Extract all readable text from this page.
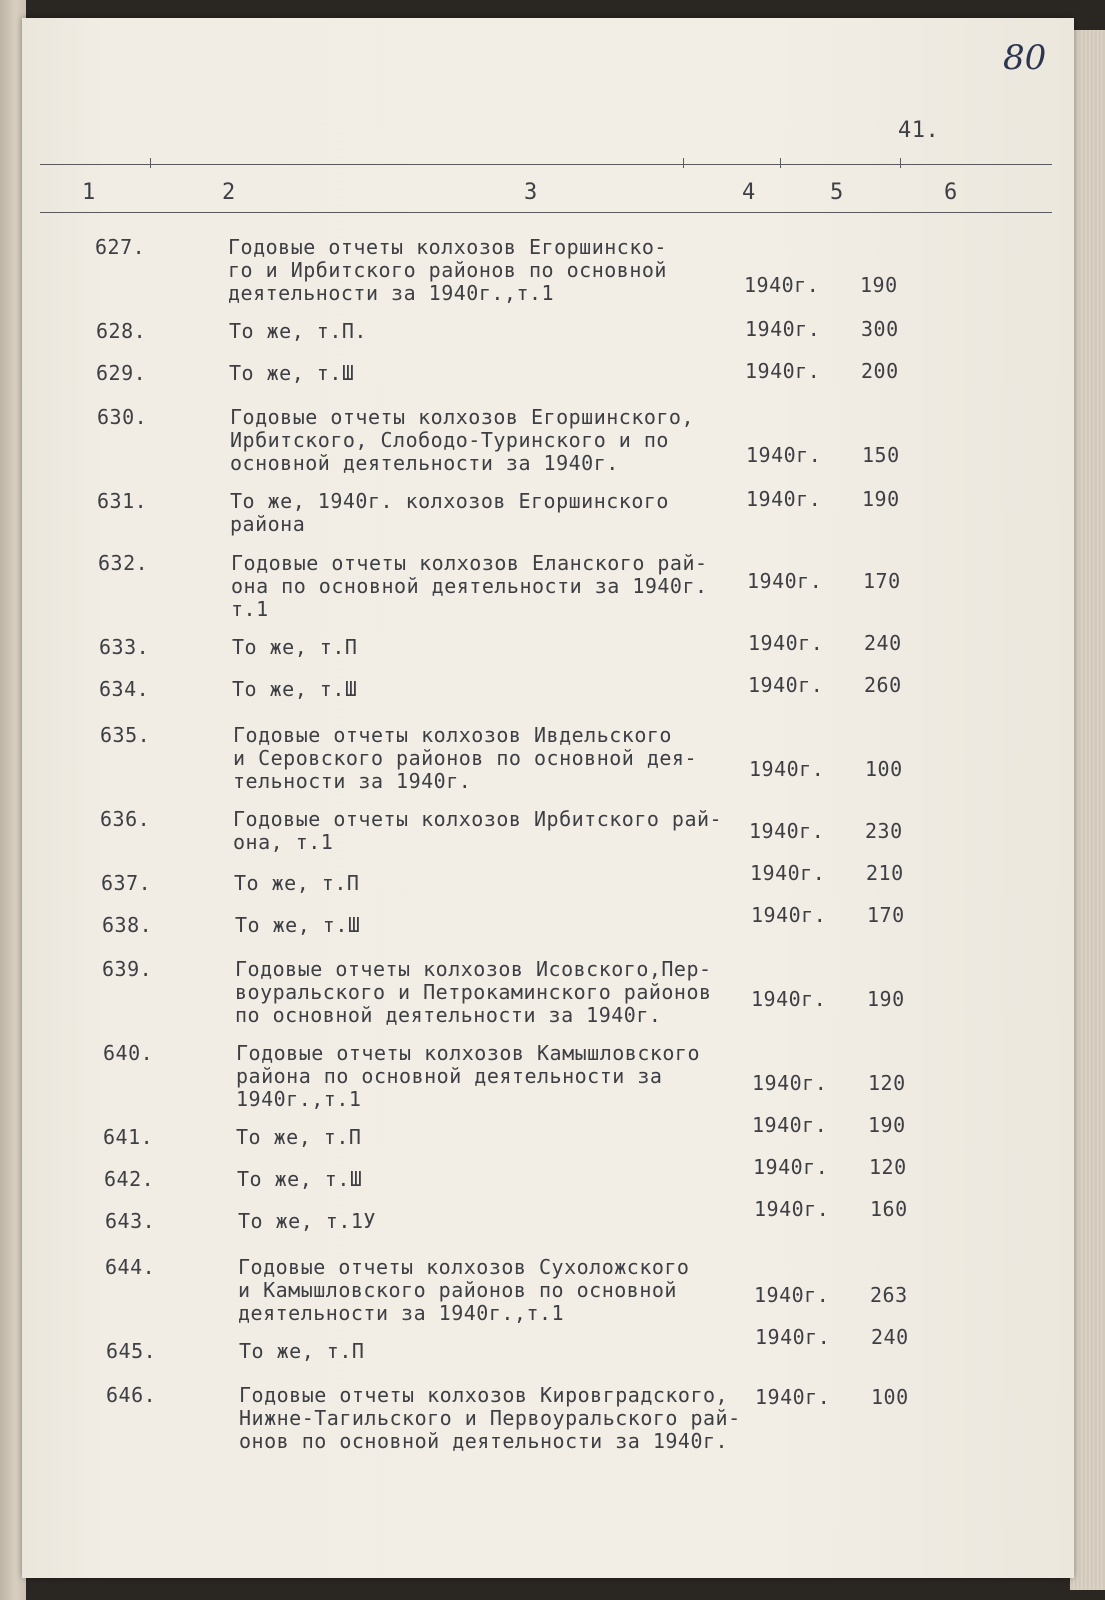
80
41.
1	2	3	4	5	6
627.	Годовые отчеты колхозов Егоршинско-
го и Ирбитского районов по основной
деятельности за 1940г.,т.1	1940г. 190
628.	То же, т.П.	1940г. 300
629.	То же, т.Ш	1940г. 200
630.	Годовые отчеты колхозов Егоршинского,
Ирбитского, Слободо-Туринского и по
основной деятельности за 1940г.	1940г. 150
631.	То же, 1940г. колхозов Егоршинского
района
1940г. 190
632.	Годовые отчеты колхозов Еланского рай-
она по основной деятельности за 1940г.
т.1
1940г. 170
633.	То же, т.П	1940г. 240
634.	То же, т.Ш	1940г. 260
635.	Годовые отчеты колхозов Ивдельского
и Серовского районов по основной дея-
тельности за 1940г.	1940г. 100
636.	Годовые отчеты колхозов Ирбитского рай-
она, т.1	1940г. 230
637.	То же, т.П	1940г. 210
638.	То же, т.Ш	1940г. 170
639.	Годовые отчеты колхозов Исовского,Пер-
воуральского и Петрокаминского районов
по основной деятельности за 1940г.
1940г. 190
640.	Годовые отчеты колхозов Камышловского
района по основной деятельности за
1940г.,т.1
1940г. 120
641.	То же, т.П	1940г. 190
642.	То же, т.Ш	1940г. 120
643.	То же, т.1У	1940г. 160
644.	Годовые отчеты колхозов Сухоложского
и Камышловского районов по основной
деятельности за 1940г.,т.1
1940г. 263
645.	То же, т.П
1940г. 240
646.	Годовые отчеты колхозов Кировградского,
Нижне-Тагильского и Первоуральского рай-
онов по основной деятельности за 1940г.
1940г. 100
